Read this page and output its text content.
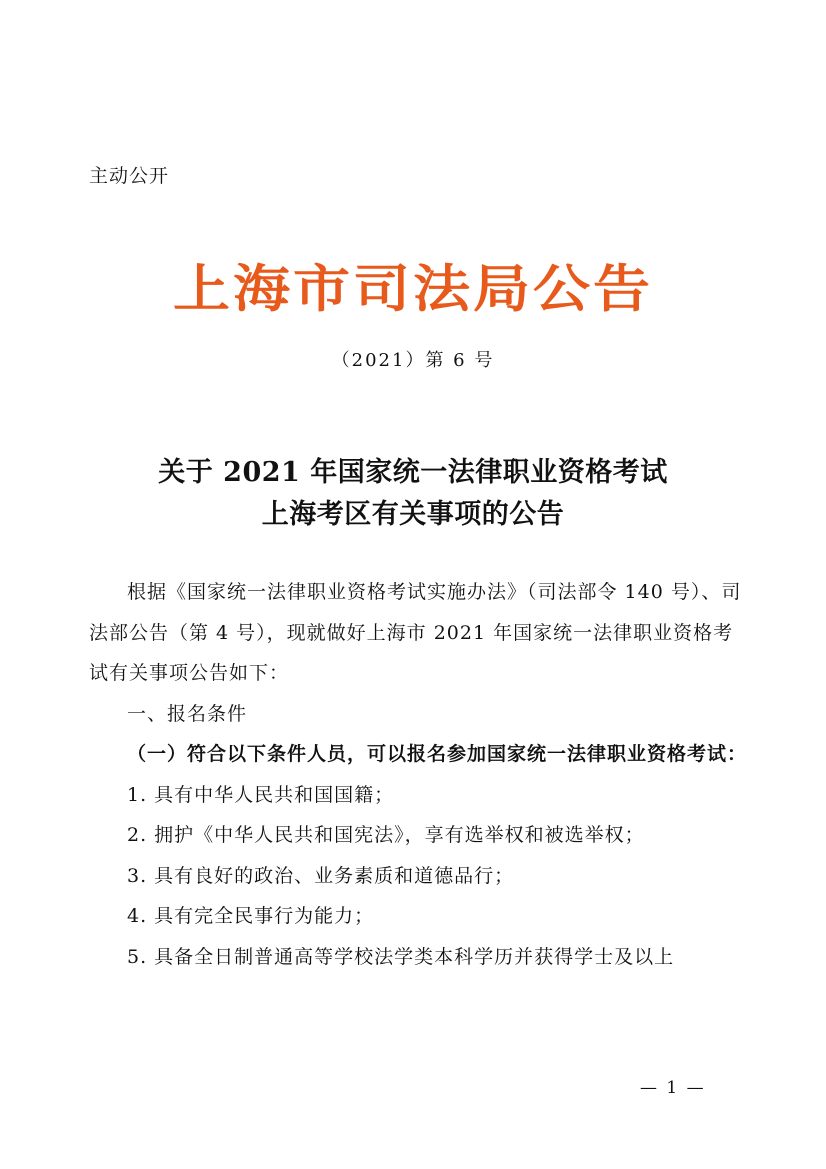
主动公开
上海市司法局公告
（2021）第 6 号
关于 2021 年国家统一法律职业资格考试
上海考区有关事项的公告

根据《国家统一法律职业资格考试实施办法》（司法部令 140 号）、司法部公告（第 4 号），现就做好上海市 2021 年国家统一法律职业资格考试有关事项公告如下：

一、报名条件

（一）符合以下条件人员，可以报名参加国家统一法律职业资格考试：

1. 具有中华人民共和国国籍；

2. 拥护《中华人民共和国宪法》，享有选举权和被选举权；

3. 具有良好的政治、业务素质和道德品行；

4. 具有完全民事行为能力；

5. 具备全日制普通高等学校法学类本科学历并获得学士及以上

— 1 —
